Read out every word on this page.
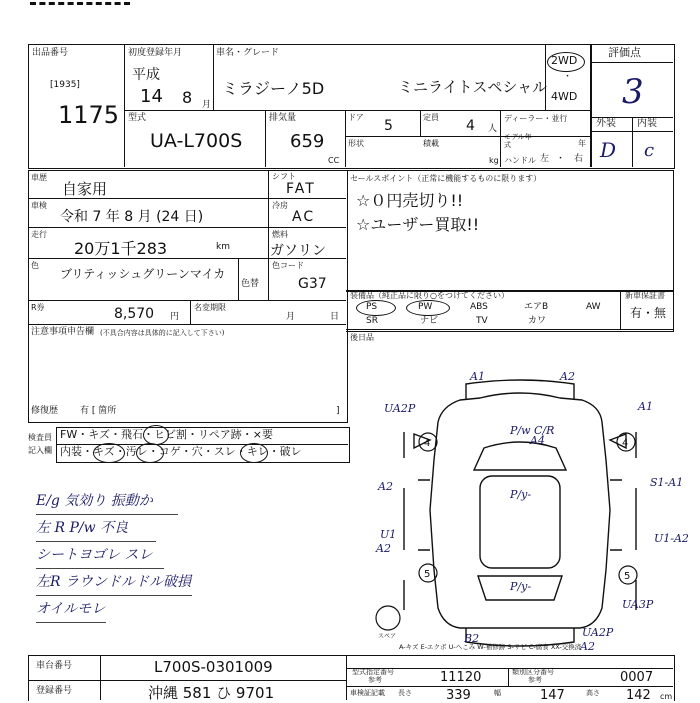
出品番号
[1935]
1175
初度登録年月
平成
14 8 月
車名・グレード
ミラジーノ5D	ミニライトスペシャル
2WD
・
4WD
評価点
3
型式
UA-L700S
排気量
659
CC
ドア
5
定員
4 人
形状	積載
kg
ディーラー・並行
モデル年式	年
ハンドル 左 ・ 右
外装 内装
D c
車歴
自家用
シフト
FAT
車検
令和 7 年 8 月 (24 日)
冷房
AC
走行
20万1千283	km
燃料
ガソリン
色
ブリティッシュグリーンマイカ
色替
色コード
G37
R券	8,570 円
名変期限
月	日
注意事項申告欄 (不具合内容は具体的に記入して下さい)
修復歴 有 [ 箇所	]
セールスポイント（正常に機能するものに限ります）
☆０円売切り!!
☆ユーザー買取!!
装備品（純正品に限り○をつけてください）	新車保証書
有・無
PS	PW	ABS	エアB	AW
SR	ナビ	TV	カワ
後日品
検査員
記入欄
FW・キズ・飛石・ヒビ割・リペア跡・×要
内装・キズ・汚レ・コゲ・穴・スレ・キレ・破レ
E/g 気効り 振動か
左 R P/w 不良
シートヨゴレ スレ
左R ラウンドルドル破損
オイルモレ
A1	A2
UA2P	A1
A2
A4
U1
A2
S1-A1
U1-A2
UA3P
B2	UA2P
A2
P/w C/R
P/y-
P/y-
4	4
5	5
スペア
A-キズ E-エクボ U-へこみ W-補修跡 S-サビ C-腐食 XX-交換済
車台番号	L700S-0301009
登録番号	沖縄 581 ひ 9701
型式指定番号
参考	11120	類別区分番号
参考	0007
車検証記載 長さ	339	幅	147	高さ 142 cm
